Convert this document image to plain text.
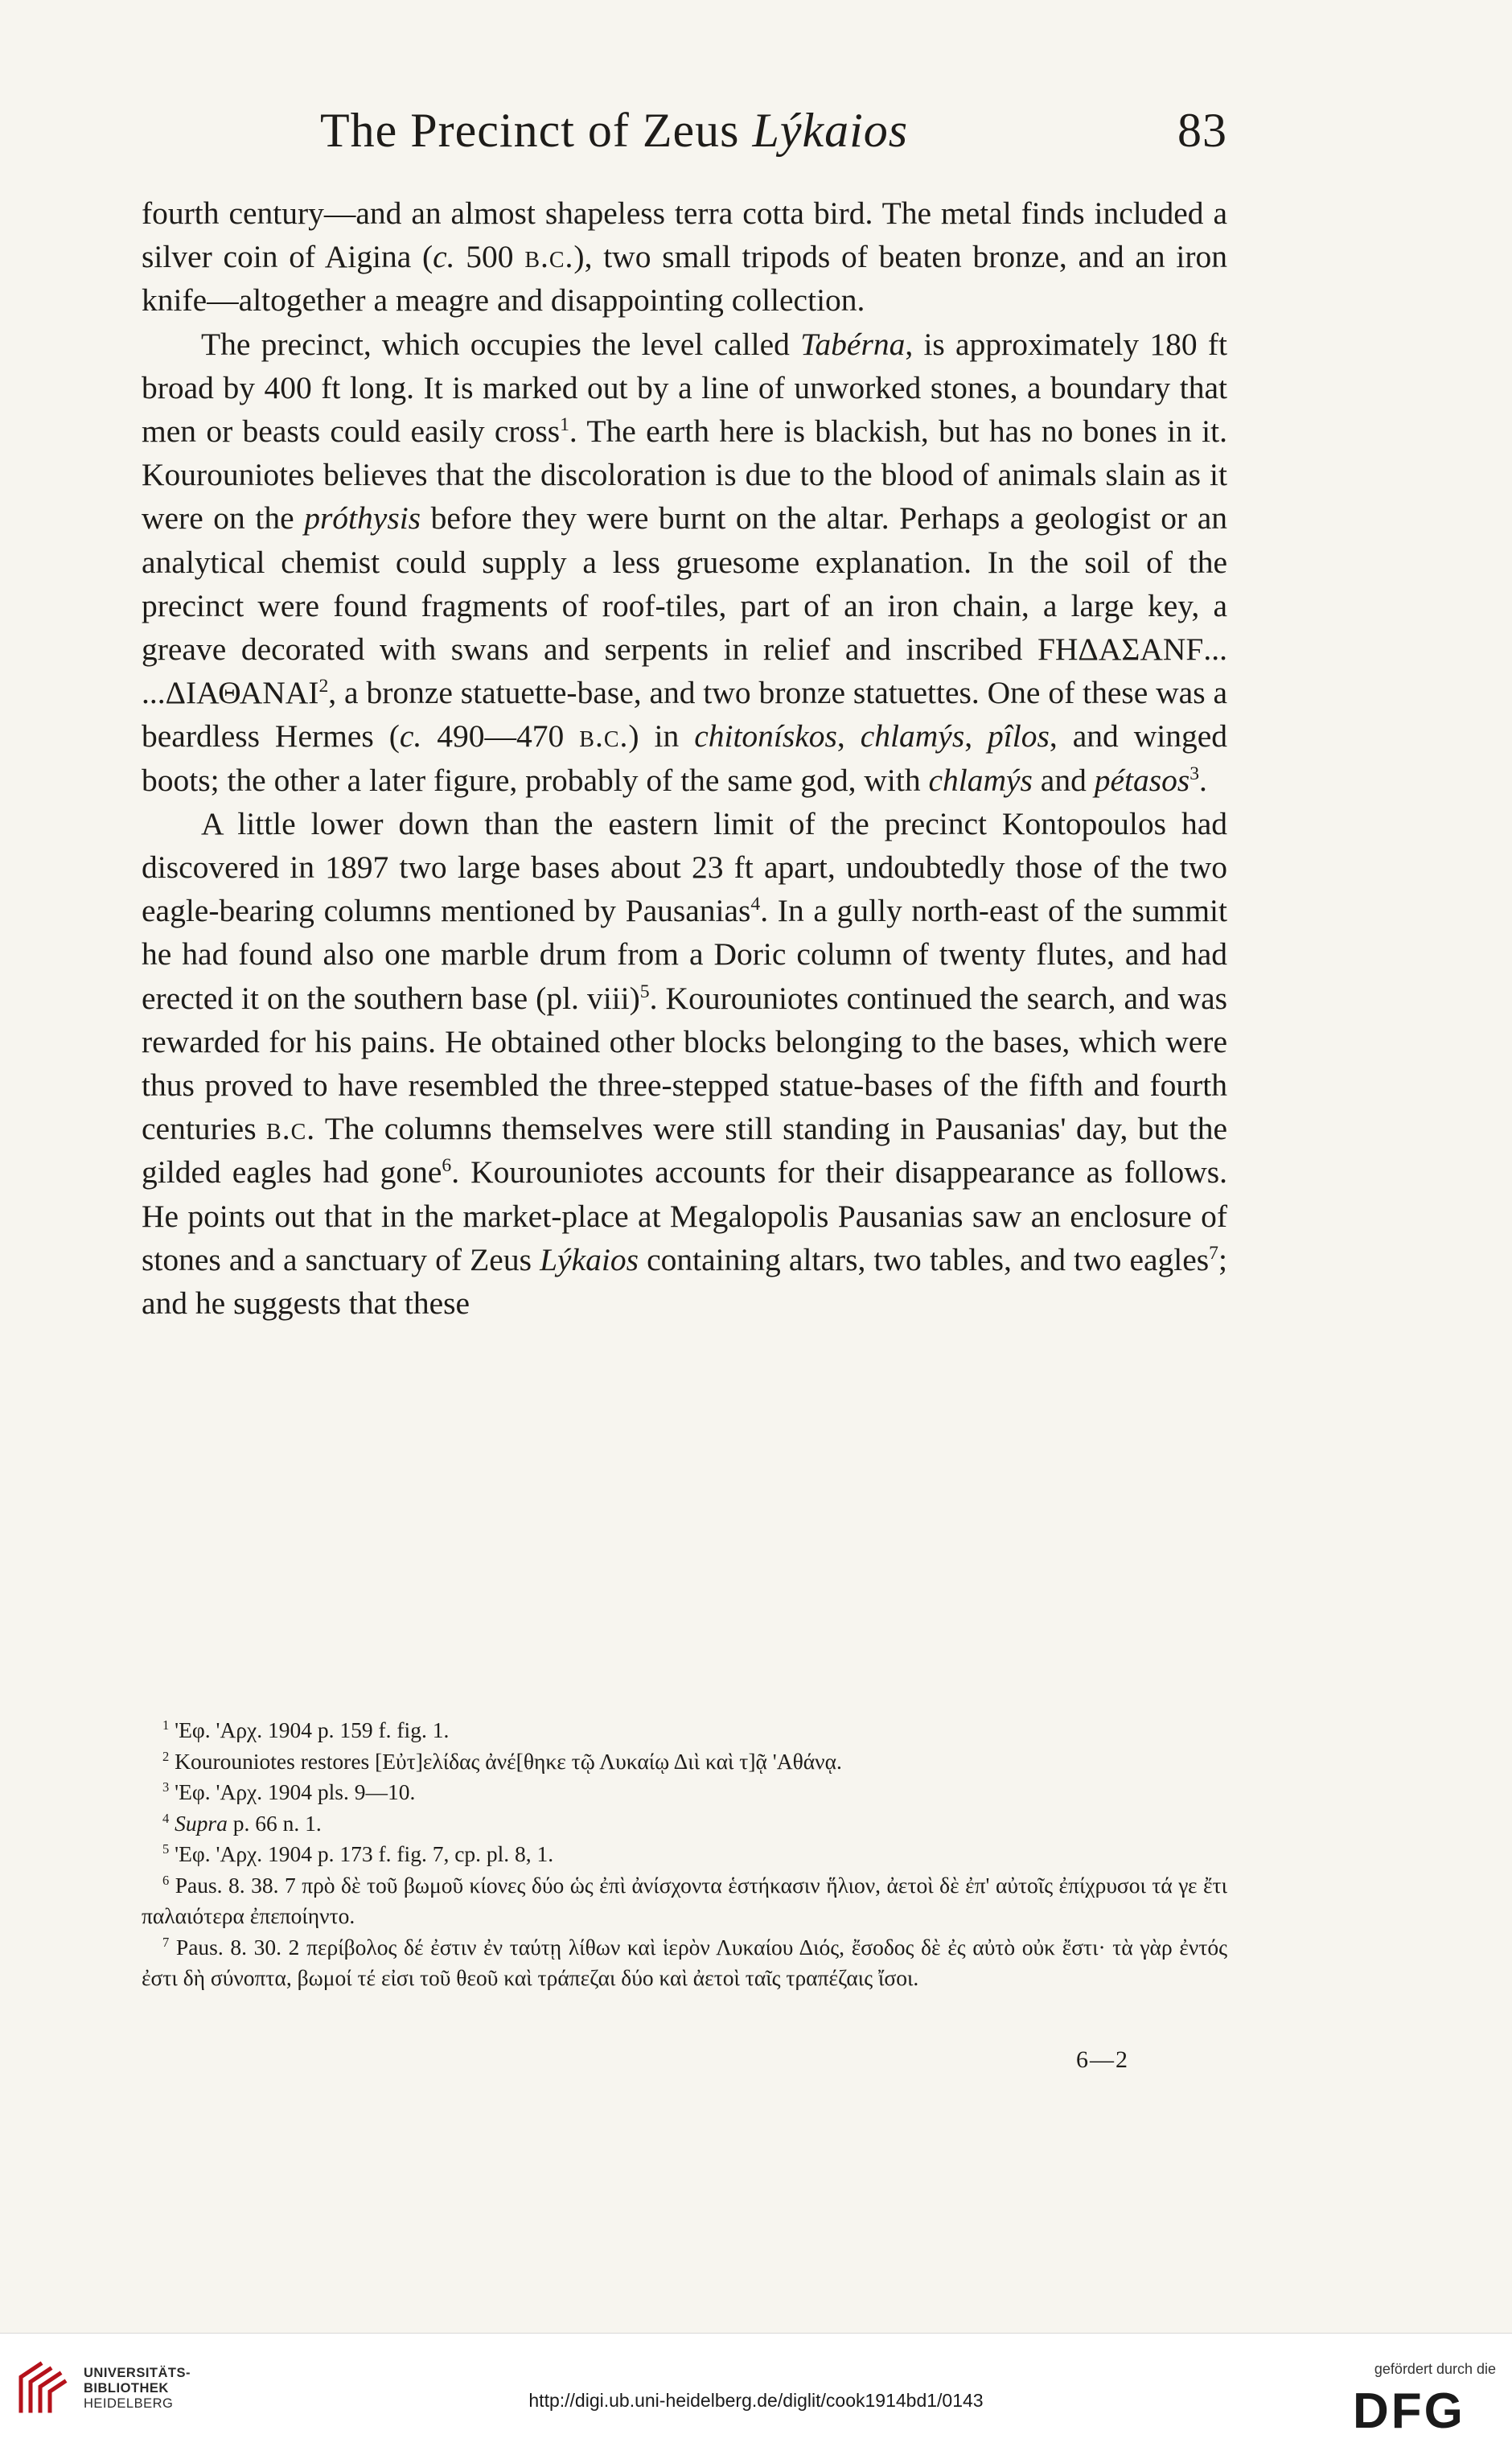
The Precinct of Zeus Lýkaios	83

fourth century—and an almost shapeless terra cotta bird. The metal finds included a silver coin of Aigina (c. 500 b.c.), two small tripods of beaten bronze, and an iron knife—altogether a meagre and disappointing collection.

The precinct, which occupies the level called Tabérna, is approximately 180 ft broad by 400 ft long. It is marked out by a line of unworked stones, a boundary that men or beasts could easily cross$^1$. The earth here is blackish, but has no bones in it. Kourouniotes believes that the discoloration is due to the blood of animals slain as it were on the próthysis before they were burnt on the altar. Perhaps a geologist or an analytical chemist could supply a less gruesome explanation. In the soil of the precinct were found fragments of roof-tiles, part of an iron chain, a large key, a greave decorated with swans and serpents in relief and inscribed ϜΗΔΑΣΑΝϜ... ...ΔΙΑΘΑΝΑΙ$^2$, a bronze statuette-base, and two bronze statuettes. One of these was a beardless Hermes (c. 490—470 b.c.) in chitonískos, chlamýs, pîlos, and winged boots; the other a later figure, probably of the same god, with chlamýs and pétasos$^3$.

A little lower down than the eastern limit of the precinct Kontopoulos had discovered in 1897 two large bases about 23 ft apart, undoubtedly those of the two eagle-bearing columns mentioned by Pausanias$^4$. In a gully north-east of the summit he had found also one marble drum from a Doric column of twenty flutes, and had erected it on the southern base (pl. viii)$^5$. Kourouniotes continued the search, and was rewarded for his pains. He obtained other blocks belonging to the bases, which were thus proved to have resembled the three-stepped statue-bases of the fifth and fourth centuries b.c. The columns themselves were still standing in Pausanias' day, but the gilded eagles had gone$^6$. Kourouniotes accounts for their disappearance as follows. He points out that in the market-place at Megalopolis Pausanias saw an enclosure of stones and a sanctuary of Zeus Lýkaios containing altars, two tables, and two eagles$^7$; and he suggests that these

$^1$ 'Εφ. 'Αρχ. 1904 p. 159 f. fig. 1.

$^2$ Kourouniotes restores [Εὐτ]ελίδας ἀνέ[θηκε τῷ Λυκαίῳ Διὶ καὶ τ]ᾷ 'Αθάνᾳ.

$^3$ 'Εφ. 'Αρχ. 1904 pls. 9—10.

$^4$ Supra p. 66 n. 1.

$^5$ 'Εφ. 'Αρχ. 1904 p. 173 f. fig. 7, cp. pl. 8, 1.

$^6$ Paus. 8. 38. 7 πρὸ δὲ τοῦ βωμοῦ κίονες δύο ὡς ἐπὶ ἀνίσχοντα ἑστήκασιν ἥλιον, ἀετοὶ δὲ ἐπ' αὐτοῖς ἐπίχρυσοι τά γε ἔτι παλαιότερα ἐπεποίηντο.

$^7$ Paus. 8. 30. 2 περίβολος δέ ἐστιν ἐν ταύτῃ λίθων καὶ ἱερὸν Λυκαίου Διός, ἔσοδος δὲ ἐς αὐτὸ οὐκ ἔστι· τὰ γὰρ ἐντός ἐστι δὴ σύνοπτα, βωμοί τέ εἰσι τοῦ θεοῦ καὶ τράπεζαι δύο καὶ ἀετοὶ ταῖς τραπέζαις ἴσοι.

6—2
UNIVERSITÄTS-
BIBLIOTHEK
HEIDELBERG	http://digi.ub.uni-heidelberg.de/diglit/cook1914bd1/0143
gefördert durch die
DFG
